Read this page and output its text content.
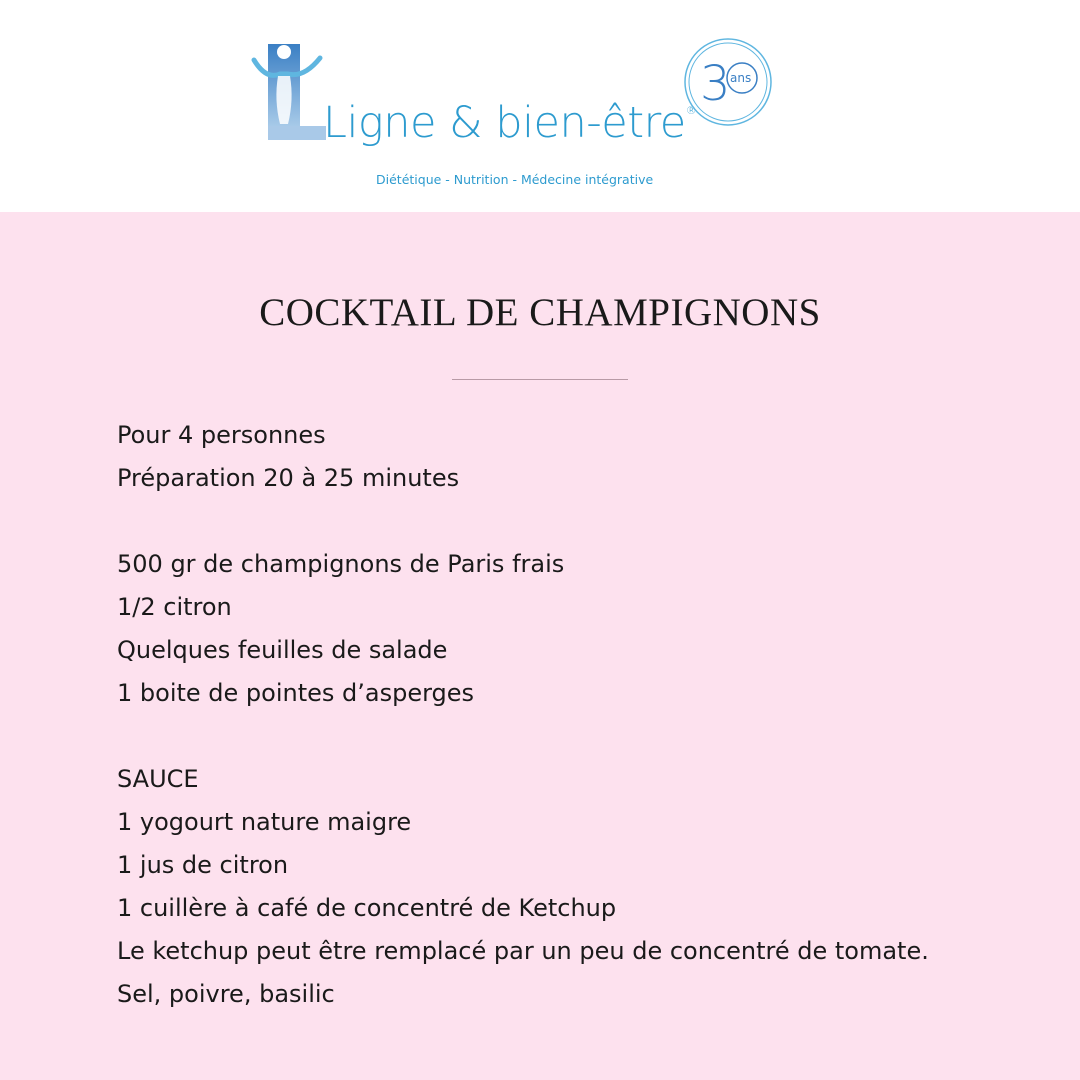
Ligne & bien-être®
Diététique - Nutrition - Médecine intégrative
3 ans
COCKTAIL DE CHAMPIGNONS
Pour 4 personnes
Préparation 20 à 25 minutes
500 gr de champignons de Paris frais
1/2 citron
Quelques feuilles de salade
1 boite de pointes d’asperges
SAUCE
1 yogourt nature maigre
1 jus de citron
1 cuillère à café de concentré de Ketchup
Le ketchup peut être remplacé par un peu de concentré de tomate.
Sel, poivre, basilic
